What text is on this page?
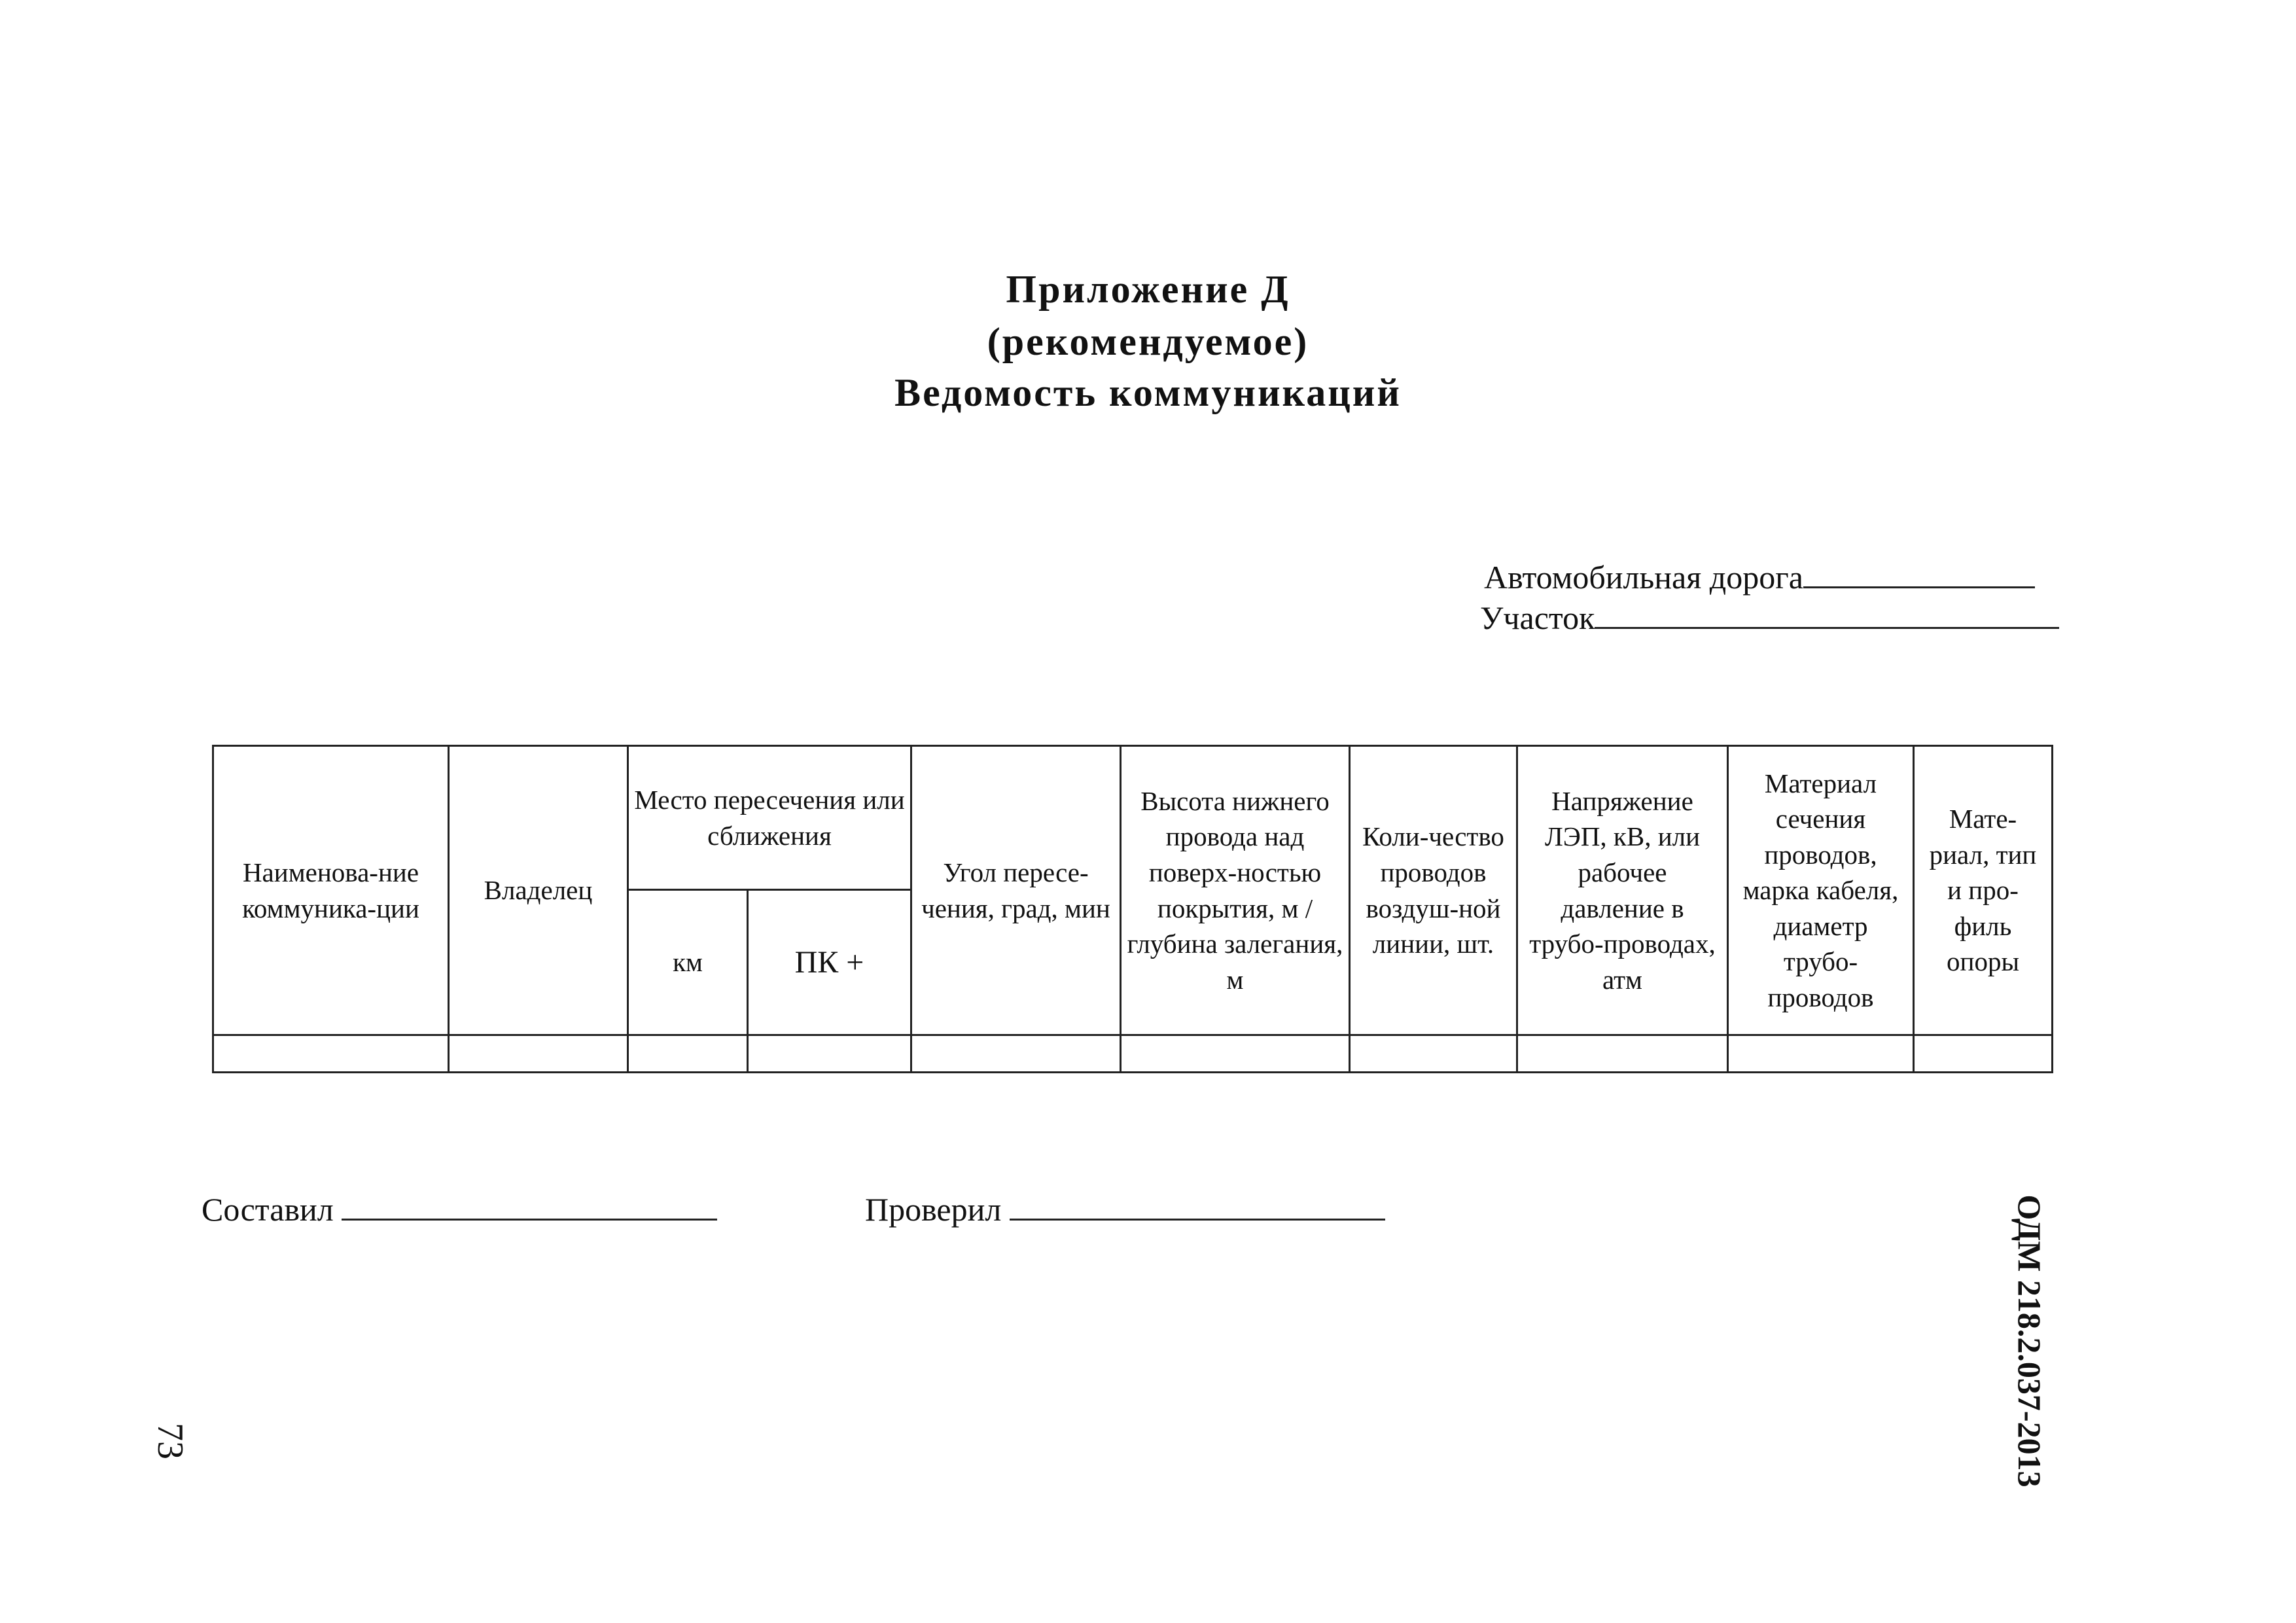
Приложение Д
(рекомендуемое)
Ведомость коммуникаций
Автомобильная дорога
Участок
Наименова-ние коммуника-ции	Владелец	Место пересечения или сближения		Угол пересе-чения, град, мин	Высота нижнего провода над поверх-ностью покрытия, м /глубина залегания, м	Коли-чество проводов воздуш-ной линии, шт.	Напряжение ЛЭП, кВ, или рабочее давление в трубо-проводах, атм	Материал сечения проводов, марка кабеля, диаметр трубо-проводов	Мате-риал, тип и про-филь опоры
		км	ПК +						

Составил	Проверил	ОДМ 218.2.037-2013
73
